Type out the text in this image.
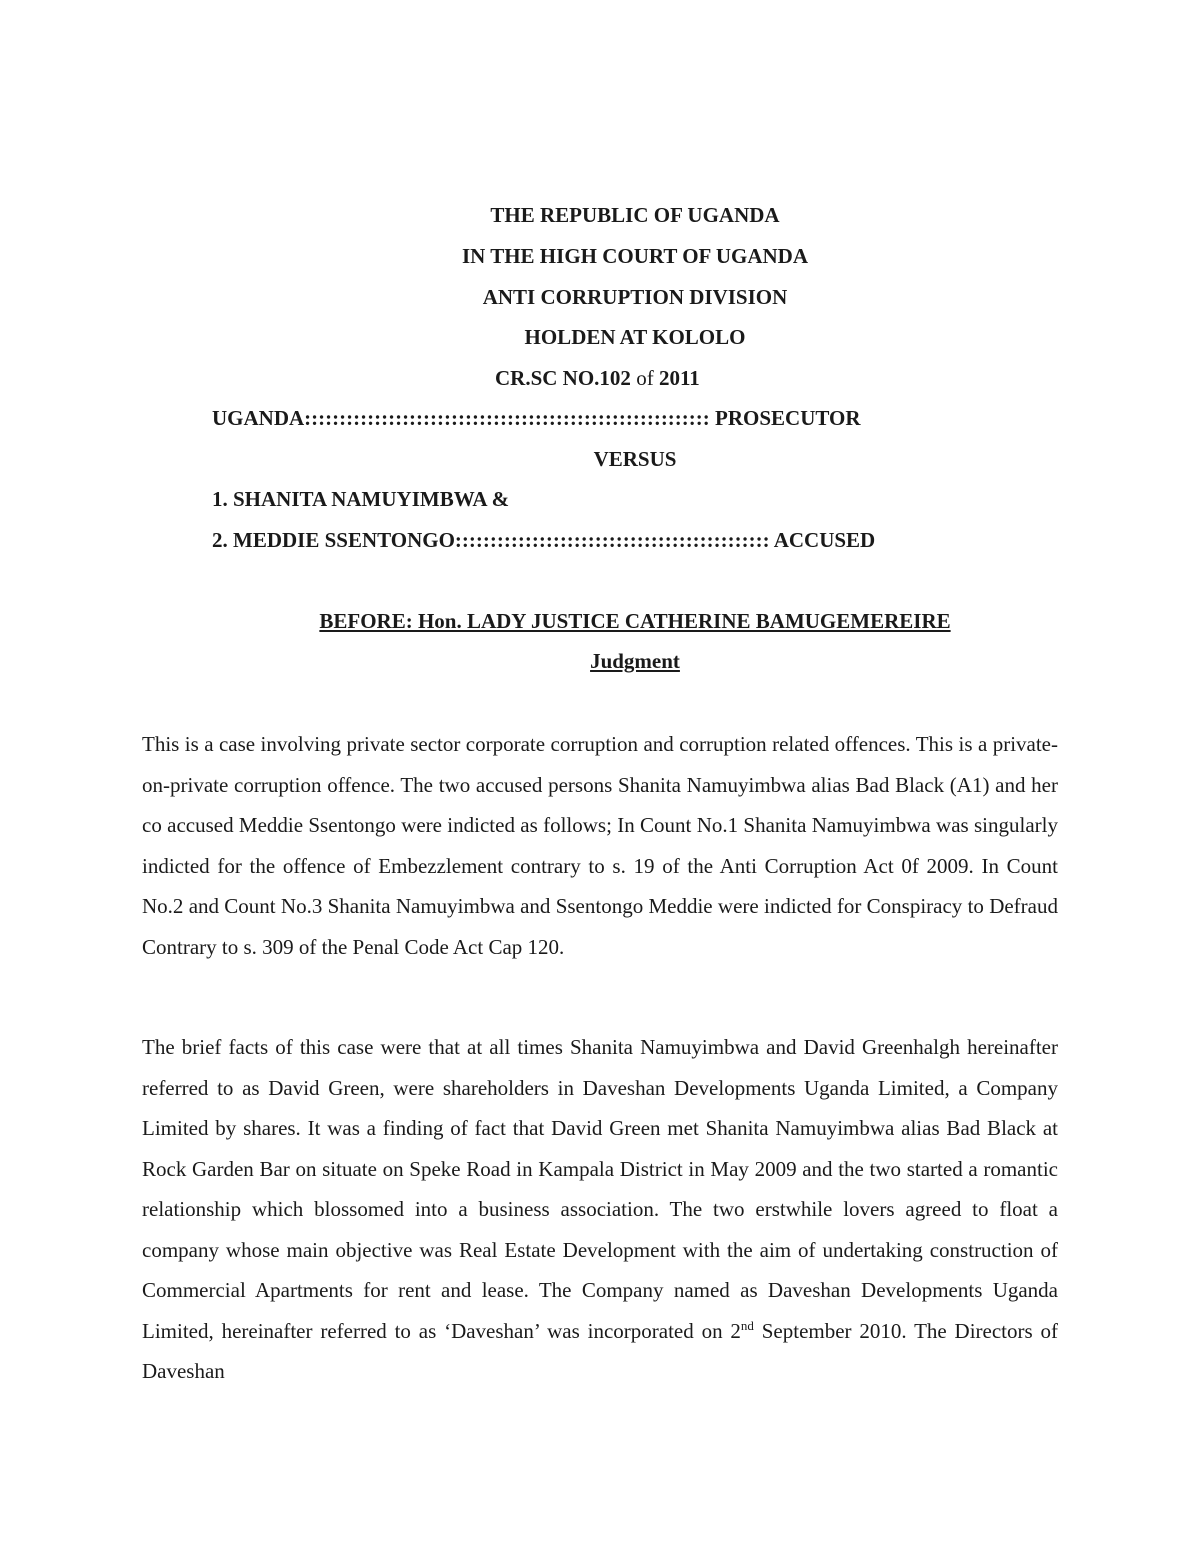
THE REPUBLIC OF UGANDA
IN THE HIGH COURT OF UGANDA
ANTI CORRUPTION DIVISION
HOLDEN AT KOLOLO
CR.SC NO.102 of 2011
UGANDA:::::::::::::::::::::::::::::::::::::::::::::::::::::::::: PROSECUTOR
VERSUS
1. SHANITA NAMUYIMBWA &
2. MEDDIE SSENTONGO::::::::::::::::::::::::::::::::::::::::::::: ACCUSED
BEFORE: Hon. LADY JUSTICE CATHERINE BAMUGEMEREIRE
Judgment

This is a case involving private sector corporate corruption and corruption related offences. This is a private-on-private corruption offence. The two accused persons Shanita Namuyimbwa alias Bad Black (A1) and her co accused Meddie Ssentongo were indicted as follows; In Count No.1 Shanita Namuyimbwa was singularly indicted for the offence of Embezzlement contrary to s. 19 of the Anti Corruption Act 0f 2009. In Count No.2 and Count No.3 Shanita Namuyimbwa and Ssentongo Meddie were indicted for Conspiracy to Defraud Contrary to s. 309 of the Penal Code Act Cap 120.

The brief facts of this case were that at all times Shanita Namuyimbwa and David Greenhalgh hereinafter referred to as David Green, were shareholders in Daveshan Developments Uganda Limited, a Company Limited by shares. It was a finding of fact that David Green met Shanita Namuyimbwa alias Bad Black at Rock Garden Bar on situate on Speke Road in Kampala District in May 2009 and the two started a romantic relationship which blossomed into a business association. The two erstwhile lovers agreed to float a company whose main objective was Real Estate Development with the aim of undertaking construction of Commercial Apartments for rent and lease. The Company named as Daveshan Developments Uganda Limited, hereinafter referred to as ‘Daveshan’ was incorporated on 2nd September 2010. The Directors of Daveshan
